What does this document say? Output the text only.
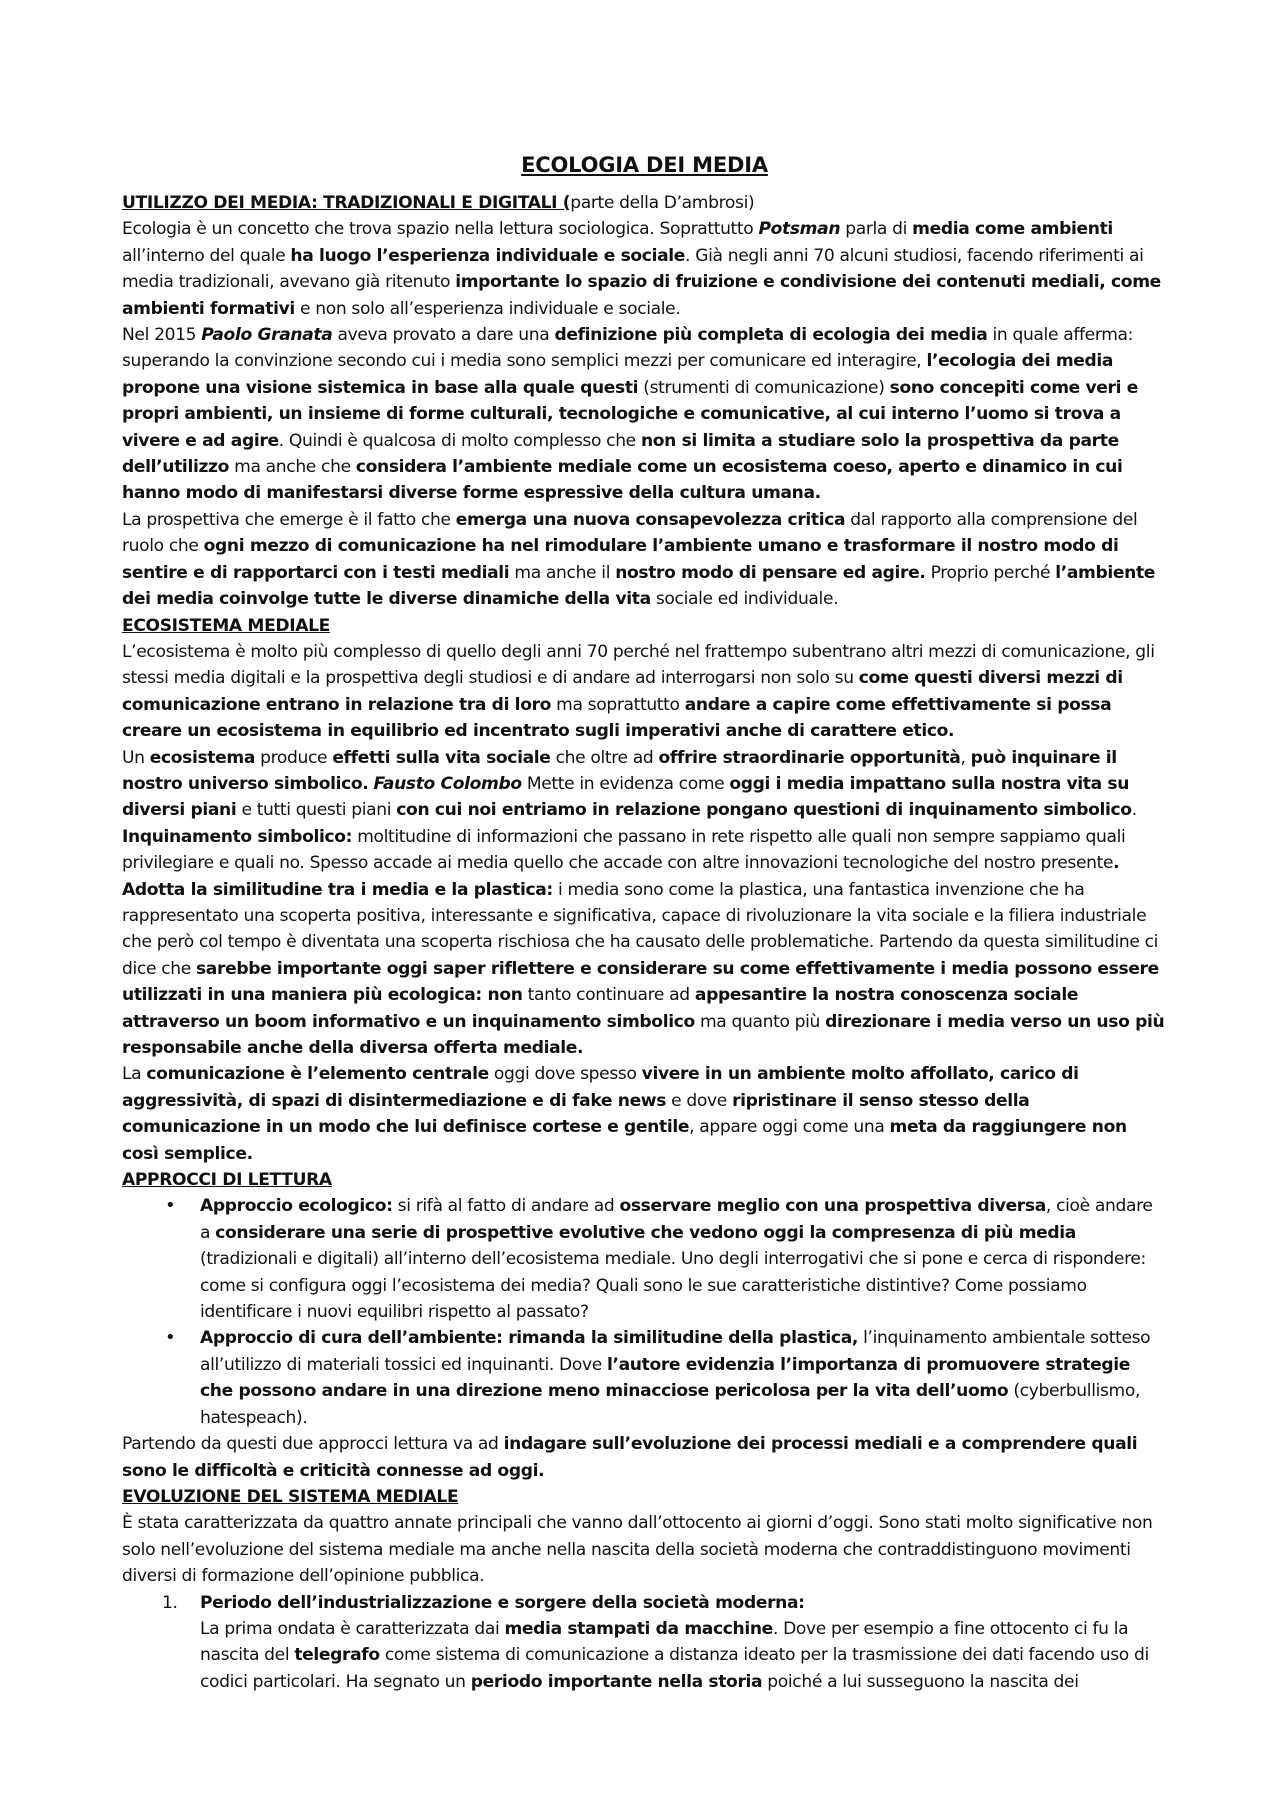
ECOLOGIA DEI MEDIA

UTILIZZO DEI MEDIA: TRADIZIONALI E DIGITALI (parte della D’ambrosi)

Ecologia è un concetto che trova spazio nella lettura sociologica. Soprattutto Potsman parla di media come ambienti all’interno del quale ha luogo l’esperienza individuale e sociale. Già negli anni 70 alcuni studiosi, facendo riferimenti ai media tradizionali, avevano già ritenuto importante lo spazio di fruizione e condivisione dei contenuti mediali, come ambienti formativi e non solo all’esperienza individuale e sociale.

Nel 2015 Paolo Granata aveva provato a dare una definizione più completa di ecologia dei media in quale afferma: superando la convinzione secondo cui i media sono semplici mezzi per comunicare ed interagire, l’ecologia dei media propone una visione sistemica in base alla quale questi (strumenti di comunicazione) sono concepiti come veri e propri ambienti, un insieme di forme culturali, tecnologiche e comunicative, al cui interno l’uomo si trova a vivere e ad agire. Quindi è qualcosa di molto complesso che non si limita a studiare solo la prospettiva da parte dell’utilizzo ma anche che considera l’ambiente mediale come un ecosistema coeso, aperto e dinamico in cui hanno modo di manifestarsi diverse forme espressive della cultura umana.

La prospettiva che emerge è il fatto che emerga una nuova consapevolezza critica dal rapporto alla comprensione del ruolo che ogni mezzo di comunicazione ha nel rimodulare l’ambiente umano e trasformare il nostro modo di sentire e di rapportarci con i testi mediali ma anche il nostro modo di pensare ed agire. Proprio perché l’ambiente dei media coinvolge tutte le diverse dinamiche della vita sociale ed individuale.

ECOSISTEMA MEDIALE

L’ecosistema è molto più complesso di quello degli anni 70 perché nel frattempo subentrano altri mezzi di comunicazione, gli stessi media digitali e la prospettiva degli studiosi e di andare ad interrogarsi non solo su come questi diversi mezzi di comunicazione entrano in relazione tra di loro ma soprattutto andare a capire come effettivamente si possa creare un ecosistema in equilibrio ed incentrato sugli imperativi anche di carattere etico.

Un ecosistema produce effetti sulla vita sociale che oltre ad offrire straordinarie opportunità, può inquinare il nostro universo simbolico. Fausto Colombo Mette in evidenza come oggi i media impattano sulla nostra vita su diversi piani e tutti questi piani con cui noi entriamo in relazione pongano questioni di inquinamento simbolico.

Inquinamento simbolico: moltitudine di informazioni che passano in rete rispetto alle quali non sempre sappiamo quali privilegiare e quali no. Spesso accade ai media quello che accade con altre innovazioni tecnologiche del nostro presente. Adotta la similitudine tra i media e la plastica: i media sono come la plastica, una fantastica invenzione che ha rappresentato una scoperta positiva, interessante e significativa, capace di rivoluzionare la vita sociale e la filiera industriale che però col tempo è diventata una scoperta rischiosa che ha causato delle problematiche. Partendo da questa similitudine ci dice che sarebbe importante oggi saper riflettere e considerare su come effettivamente i media possono essere utilizzati in una maniera più ecologica: non tanto continuare ad appesantire la nostra conoscenza sociale attraverso un boom informativo e un inquinamento simbolico ma quanto più direzionare i media verso un uso più responsabile anche della diversa offerta mediale.

La comunicazione è l’elemento centrale oggi dove spesso vivere in un ambiente molto affollato, carico di aggressività, di spazi di disintermediazione e di fake news e dove ripristinare il senso stesso della comunicazione in un modo che lui definisce cortese e gentile, appare oggi come una meta da raggiungere non così semplice.

APPROCCI DI LETTURA

• Approccio ecologico: si rifà al fatto di andare ad osservare meglio con una prospettiva diversa, cioè andare a considerare una serie di prospettive evolutive che vedono oggi la compresenza di più media (tradizionali e digitali) all’interno dell’ecosistema mediale. Uno degli interrogativi che si pone e cerca di rispondere: come si configura oggi l’ecosistema dei media? Quali sono le sue caratteristiche distintive? Come possiamo identificare i nuovi equilibri rispetto al passato?
• Approccio di cura dell’ambiente: rimanda la similitudine della plastica, l’inquinamento ambientale sotteso all’utilizzo di materiali tossici ed inquinanti. Dove l’autore evidenzia l’importanza di promuovere strategie che possono andare in una direzione meno minacciose pericolosa per la vita dell’uomo (cyberbullismo, hatespeach).

Partendo da questi due approcci lettura va ad indagare sull’evoluzione dei processi mediali e a comprendere quali sono le difficoltà e criticità connesse ad oggi.

EVOLUZIONE DEL SISTEMA MEDIALE

È stata caratterizzata da quattro annate principali che vanno dall’ottocento ai giorni d’oggi. Sono stati molto significative non solo nell’evoluzione del sistema mediale ma anche nella nascita della società moderna che contraddistinguono movimenti diversi di formazione dell’opinione pubblica.

1. Periodo dell’industrializzazione e sorgere della società moderna:
La prima ondata è caratterizzata dai media stampati da macchine. Dove per esempio a fine ottocento ci fu la nascita del telegrafo come sistema di comunicazione a distanza ideato per la trasmissione dei dati facendo uso di codici particolari. Ha segnato un periodo importante nella storia poiché a lui susseguono la nascita dei
